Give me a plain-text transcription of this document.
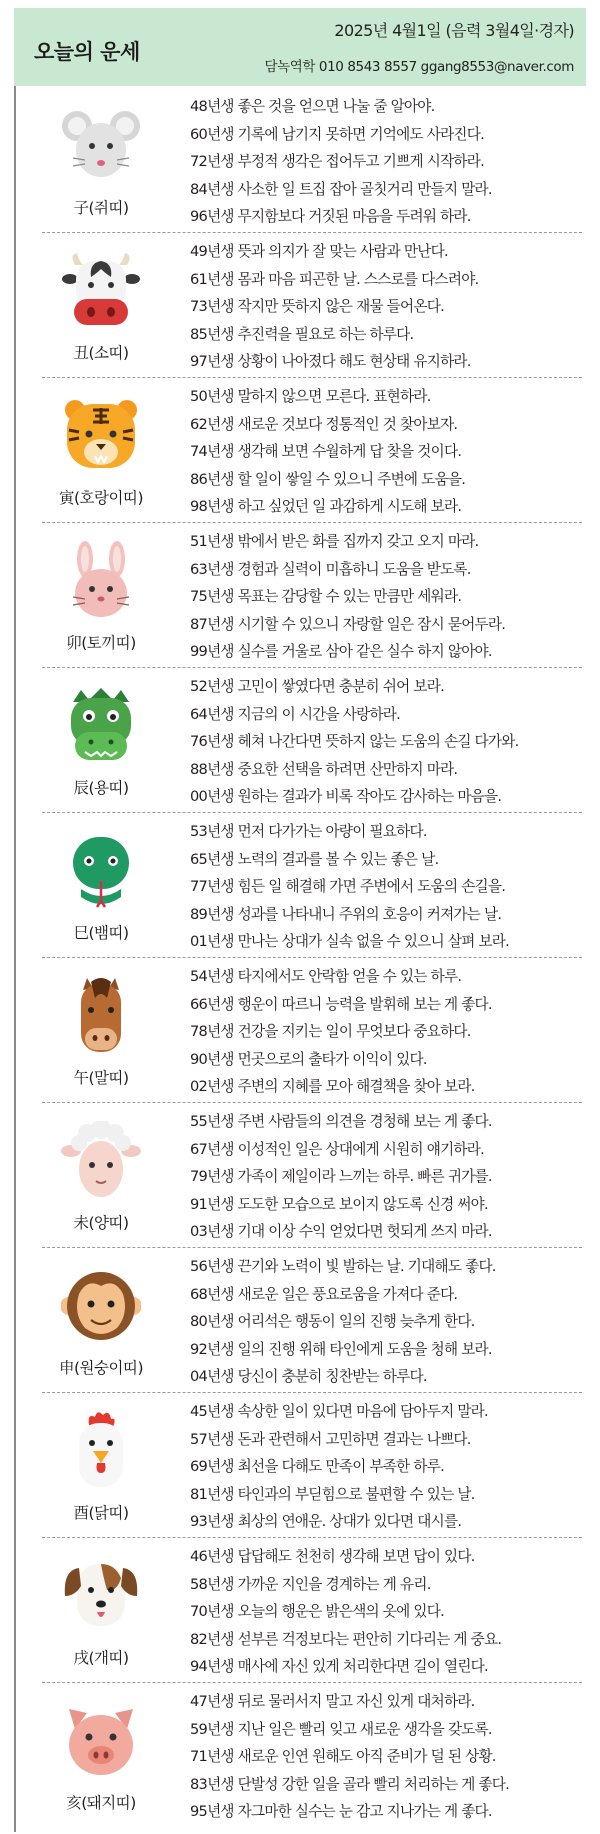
오늘의 운세
2025년 4월1일 (음력 3월4일·경자)
담녹역학 010 8543 8557 ggang8553@naver.com
子(쥐띠)
48년생 좋은 것을 얻으면 나눌 줄 알아야.
60년생 기록에 남기지 못하면 기억에도 사라진다.
72년생 부정적 생각은 접어두고 기쁘게 시작하라.
84년생 사소한 일 트집 잡아 골칫거리 만들지 말라.
96년생 무지함보다 거짓된 마음을 두려워 하라.
丑(소띠)
49년생 뜻과 의지가 잘 맞는 사람과 만난다.
61년생 몸과 마음 피곤한 날. 스스로를 다스려야.
73년생 작지만 뜻하지 않은 재물 들어온다.
85년생 추진력을 필요로 하는 하루다.
97년생 상황이 나아졌다 해도 현상태 유지하라.
寅(호랑이띠)
50년생 말하지 않으면 모른다. 표현하라.
62년생 새로운 것보다 정통적인 것 찾아보자.
74년생 생각해 보면 수월하게 답 찾을 것이다.
86년생 할 일이 쌓일 수 있으니 주변에 도움을.
98년생 하고 싶었던 일 과감하게 시도해 보라.
卯(토끼띠)
51년생 밖에서 받은 화를 집까지 갖고 오지 마라.
63년생 경험과 실력이 미흡하니 도움을 받도록.
75년생 목표는 감당할 수 있는 만큼만 세워라.
87년생 시기할 수 있으니 자랑할 일은 잠시 묻어두라.
99년생 실수를 거울로 삼아 같은 실수 하지 않아야.
辰(용띠)
52년생 고민이 쌓였다면 충분히 쉬어 보라.
64년생 지금의 이 시간을 사랑하라.
76년생 헤쳐 나간다면 뜻하지 않는 도움의 손길 다가와.
88년생 중요한 선택을 하려면 산만하지 마라.
00년생 원하는 결과가 비록 작아도 감사하는 마음을.
巳(뱀띠)
53년생 먼저 다가가는 아량이 필요하다.
65년생 노력의 결과를 볼 수 있는 좋은 날.
77년생 힘든 일 해결해 가면 주변에서 도움의 손길을.
89년생 성과를 나타내니 주위의 호응이 커져가는 날.
01년생 만나는 상대가 실속 없을 수 있으니 살펴 보라.
午(말띠)
54년생 타지에서도 안락함 얻을 수 있는 하루.
66년생 행운이 따르니 능력을 발휘해 보는 게 좋다.
78년생 건강을 지키는 일이 무엇보다 중요하다.
90년생 먼곳으로의 출타가 이익이 있다.
02년생 주변의 지혜를 모아 해결책을 찾아 보라.
未(양띠)
55년생 주변 사람들의 의견을 경청해 보는 게 좋다.
67년생 이성적인 일은 상대에게 시원히 얘기하라.
79년생 가족이 제일이라 느끼는 하루. 빠른 귀가를.
91년생 도도한 모습으로 보이지 않도록 신경 써야.
03년생 기대 이상 수익 얻었다면 헛되게 쓰지 마라.
申(원숭이띠)
56년생 끈기와 노력이 빛 발하는 날. 기대해도 좋다.
68년생 새로운 일은 풍요로움을 가져다 준다.
80년생 어리석은 행동이 일의 진행 늦추게 한다.
92년생 일의 진행 위해 타인에게 도움을 청해 보라.
04년생 당신이 충분히 칭찬받는 하루다.
酉(닭띠)
45년생 속상한 일이 있다면 마음에 담아두지 말라.
57년생 돈과 관련해서 고민하면 결과는 나쁘다.
69년생 최선을 다해도 만족이 부족한 하루.
81년생 타인과의 부딛힘으로 불편할 수 있는 날.
93년생 최상의 연애운. 상대가 있다면 대시를.
戌(개띠)
46년생 답답해도 천천히 생각해 보면 답이 있다.
58년생 가까운 지인을 경계하는 게 유리.
70년생 오늘의 행운은 밝은색의 옷에 있다.
82년생 섣부른 걱정보다는 편안히 기다리는 게 중요.
94년생 매사에 자신 있게 처리한다면 길이 열린다.
亥(돼지띠)
47년생 뒤로 물러서지 말고 자신 있게 대처하라.
59년생 지난 일은 빨리 잊고 새로운 생각을 갖도록.
71년생 새로운 인연 원해도 아직 준비가 덜 된 상황.
83년생 단발성 강한 일을 골라 빨리 처리하는 게 좋다.
95년생 자그마한 실수는 눈 감고 지나가는 게 좋다.
